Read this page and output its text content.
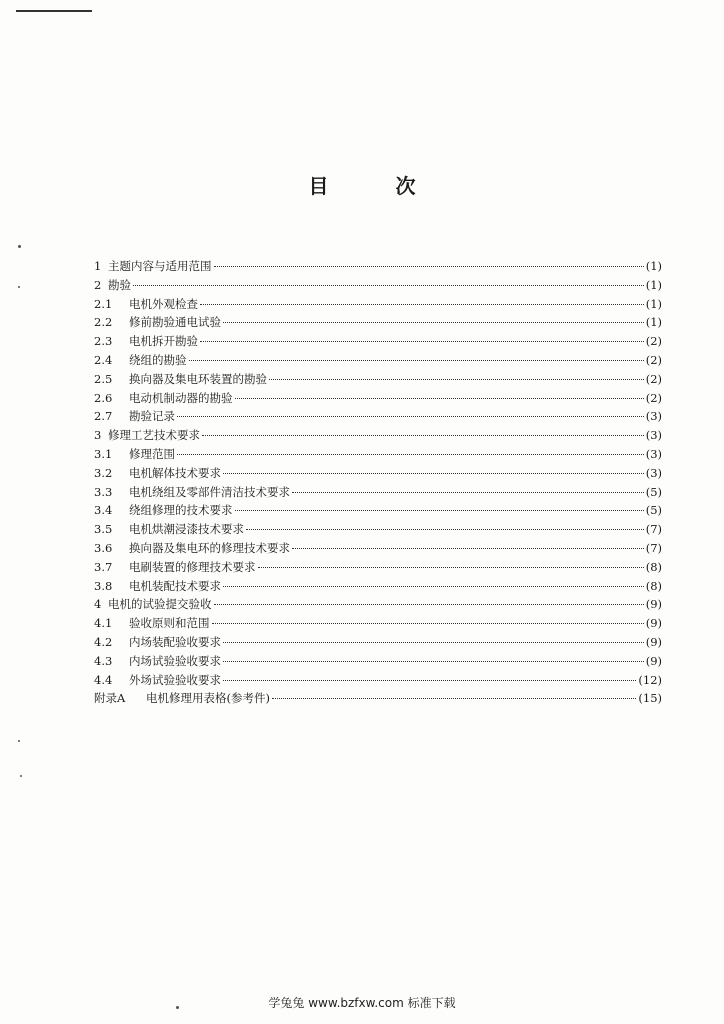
目 次
1 主题内容与适用范围	(1)
2 勘验	(1)
2.1	电机外观检查	(1)
2.2	修前勘验通电试验	(1)
2.3	电机拆开勘验	(2)
2.4	绕组的勘验	(2)
2.5	换向器及集电环装置的勘验	(2)
2.6	电动机制动器的勘验	(2)
2.7	勘验记录	(3)
3 修理工艺技术要求	(3)
3.1	修理范围	(3)
3.2	电机解体技术要求	(3)
3.3	电机绕组及零部件清洁技术要求	(5)
3.4	绕组修理的技术要求	(5)
3.5	电机烘潮浸漆技术要求	(7)
3.6	换向器及集电环的修理技术要求	(7)
3.7	电刷装置的修理技术要求	(8)
3.8	电机装配技术要求	(8)
4 电机的试验提交验收	(9)
4.1	验收原则和范围	(9)
4.2	内场装配验收要求	(9)
4.3	内场试验验收要求	(9)
4.4	外场试验验收要求	(12)
附录A	电机修理用表格(参考件)	(15)
学兔兔 www.bzfxw.com 标准下载
